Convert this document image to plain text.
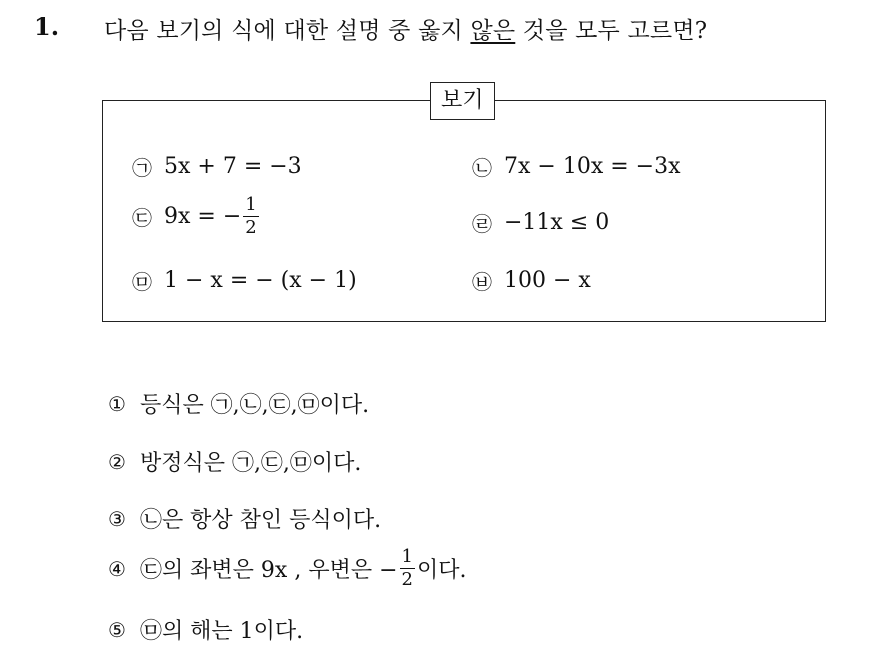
1. 다음 보기의 식에 대한 설명 중 옳지 않은 것을 모두 고르면?
보기
㉠ 5x + 7 = −3	㉡ 7x − 10x = −3x
㉢ 9x = − $\frac{1}{2}$	㉣ −11x ≤ 0
㉤ 1 − x = − (x − 1)	㉥ 100 − x
① 등식은 ㉠,㉡,㉢,㉤이다.
② 방정식은 ㉠,㉢,㉤이다.
③ ㉡은 항상 참인 등식이다.
④ ㉢의 좌변은 9x , 우변은 − $\frac{1}{2}$ 이다.
⑤ ㉤의 해는 1이다.
